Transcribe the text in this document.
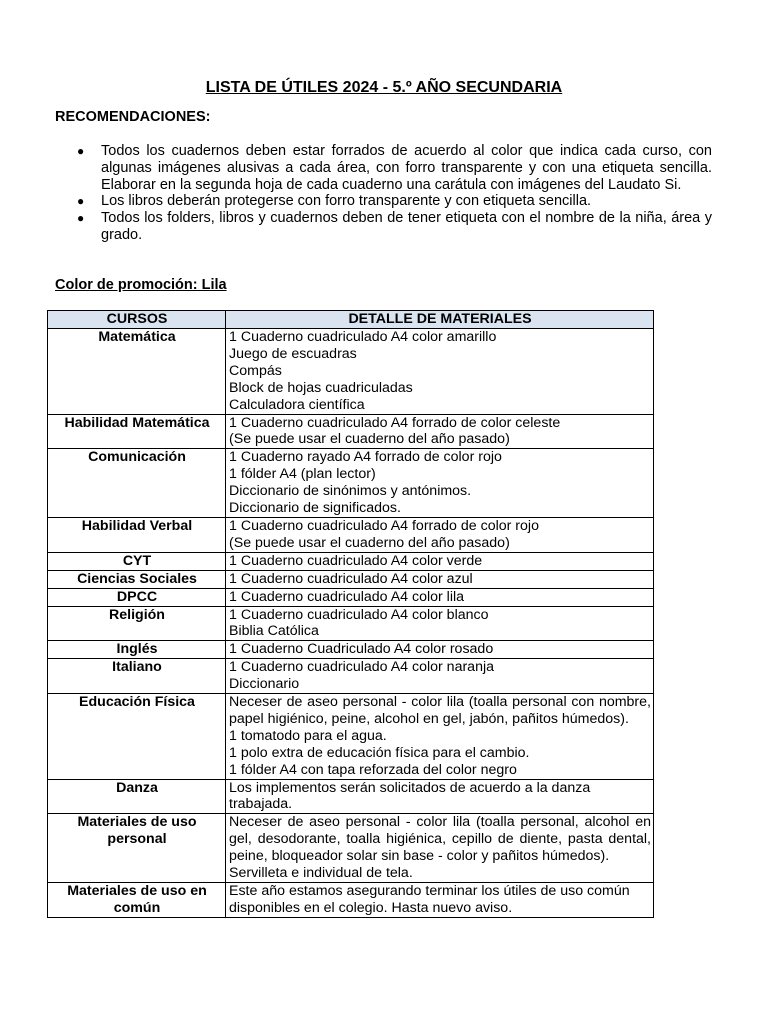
LISTA DE ÚTILES 2024 - 5.º AÑO SECUNDARIA
RECOMENDACIONES:
● Todos los cuadernos deben estar forrados de acuerdo al color que indica cada curso, con algunas imágenes alusivas a cada área, con forro transparente y con una etiqueta sencilla. Elaborar en la segunda hoja de cada cuaderno una carátula con imágenes del Laudato Si.
● Los libros deberán protegerse con forro transparente y con etiqueta sencilla.
● Todos los folders, libros y cuadernos deben de tener etiqueta con el nombre de la niña, área y grado.
Color de promoción: Lila
CURSOS	DETALLE DE MATERIALES
Matemática	1 Cuaderno cuadriculado A4 color amarillo
Juego de escuadras
Compás
Block de hojas cuadriculadas
Calculadora científica

Habilidad Matemática	1 Cuaderno cuadriculado A4 forrado de color celeste
(Se puede usar el cuaderno del año pasado)

Comunicación	1 Cuaderno rayado A4 forrado de color rojo
1 fólder A4 (plan lector)
Diccionario de sinónimos y antónimos.
Diccionario de significados.

Habilidad Verbal	1 Cuaderno cuadriculado A4 forrado de color rojo
(Se puede usar el cuaderno del año pasado)

CYT	1 Cuaderno cuadriculado A4 color verde

Ciencias Sociales	1 Cuaderno cuadriculado A4 color azul

DPCC	1 Cuaderno cuadriculado A4 color lila

Religión	1 Cuaderno cuadriculado A4 color blanco
Biblia Católica

Inglés	1 Cuaderno Cuadriculado A4 color rosado

Italiano	1 Cuaderno cuadriculado A4 color naranja
Diccionario

Educación Física	Neceser de aseo personal - color lila (toalla personal con nombre, papel higiénico, peine, alcohol en gel, jabón, pañitos húmedos).
1 tomatodo para el agua.
1 polo extra de educación física para el cambio.
1 fólder A4 con tapa reforzada del color negro

Danza	Los implementos serán solicitados de acuerdo a la danza trabajada.

Materiales de uso personal	Neceser de aseo personal - color lila (toalla personal, alcohol en gel, desodorante, toalla higiénica, cepillo de diente, pasta dental, peine, bloqueador solar sin base - color y pañitos húmedos).
Servilleta e individual de tela.

Materiales de uso en común	Este año estamos asegurando terminar los útiles de uso común disponibles en el colegio. Hasta nuevo aviso.
